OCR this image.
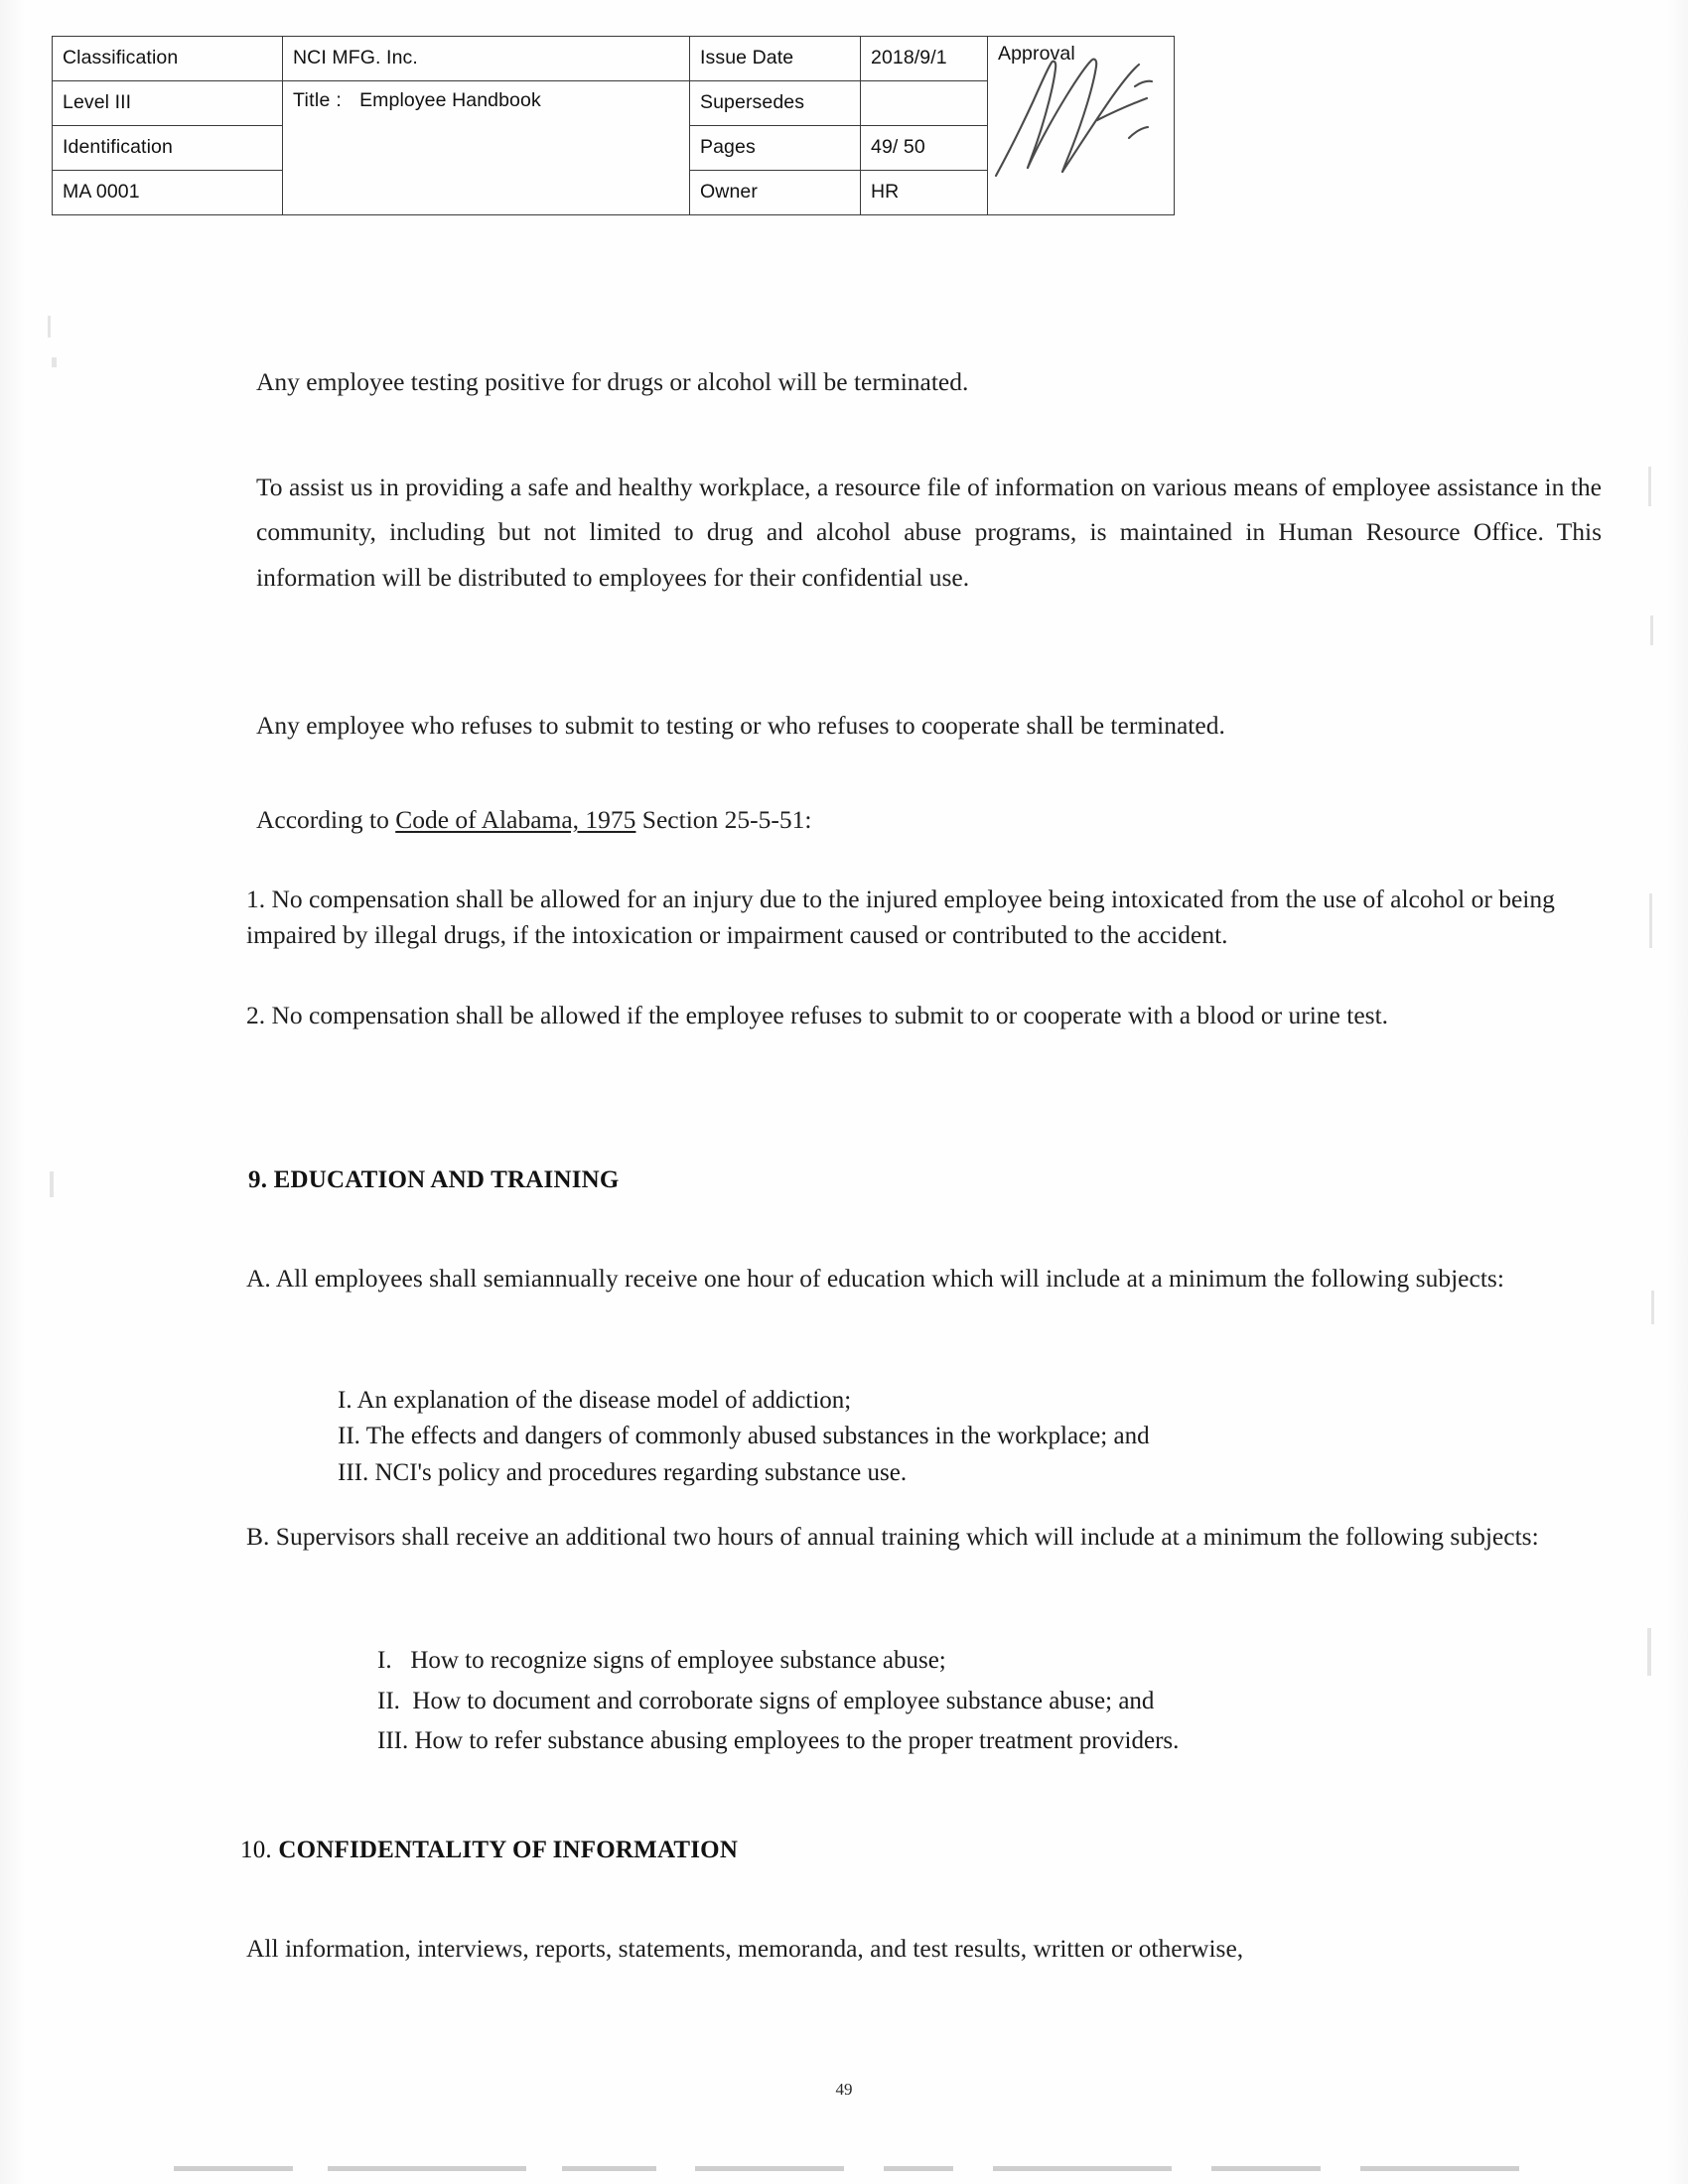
Classification	NCI MFG. Inc.	Issue Date	2018/9/1	Approval

Level III	Title : Employee Handbook	Supersedes		
Identification		Pages	49/ 50	
MA 0001		Owner	HR	
Any employee testing positive for drugs or alcohol will be terminated.
To assist us in providing a safe and healthy workplace, a resource file of information on various means of employee assistance in the community, including but not limited to drug and alcohol abuse programs, is maintained in Human Resource Office. This information will be distributed to employees for their confidential use.
Any employee who refuses to submit to testing or who refuses to cooperate shall be terminated.
According to Code of Alabama, 1975 Section 25-5-51:
1. No compensation shall be allowed for an injury due to the injured employee being intoxicated from the use of alcohol or being impaired by illegal drugs, if the intoxication or impairment caused or contributed to the accident.
2. No compensation shall be allowed if the employee refuses to submit to or cooperate with a blood or urine test.
9. EDUCATION AND TRAINING
A. All employees shall semiannually receive one hour of education which will include at a minimum the following subjects:
I. An explanation of the disease model of addiction;
II. The effects and dangers of commonly abused substances in the workplace; and
III. NCI's policy and procedures regarding substance use.
B. Supervisors shall receive an additional two hours of annual training which will include at a minimum the following subjects:
I.   How to recognize signs of employee substance abuse;
II.  How to document and corroborate signs of employee substance abuse; and
III. How to refer substance abusing employees to the proper treatment providers.
10. CONFIDENTALITY OF INFORMATION
All information, interviews, reports, statements, memoranda, and test results, written or otherwise,
49
